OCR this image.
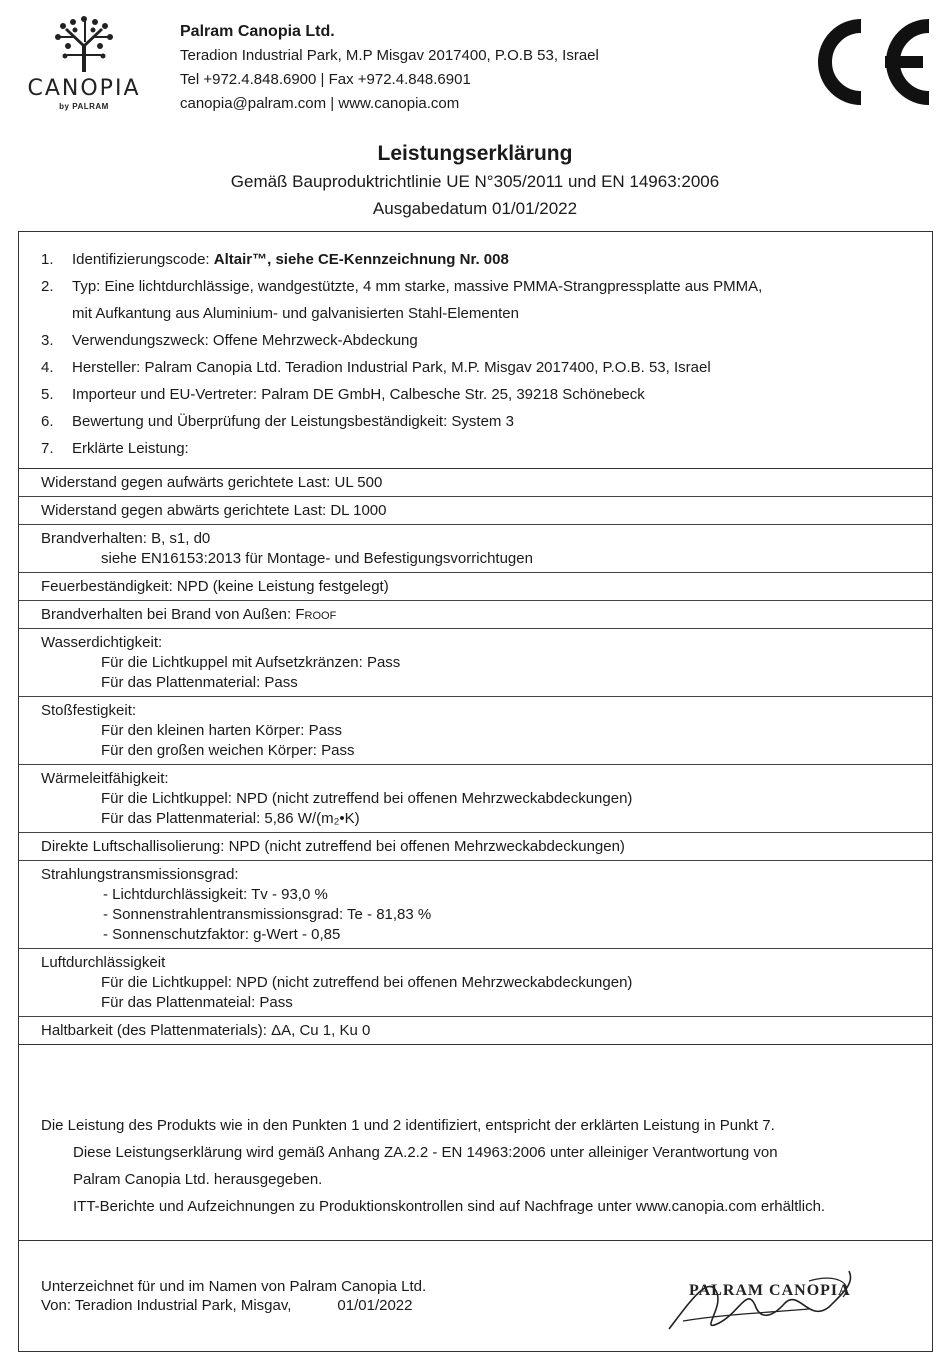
CANOPIA
by PALRAM
Palram Canopia Ltd.
Teradion Industrial Park, M.P Misgav 2017400, P.O.B 53, Israel
Tel +972.4.848.6900 | Fax +972.4.848.6901
canopia@palram.com | www.canopia.com
Leistungserklärung
Gemäß Bauproduktrichtlinie UE N°305/2011 und EN 14963:2006
Ausgabedatum 01/01/2022
1.	Identifizierungscode: Altair™, siehe CE-Kennzeichnung Nr. 008
2.	Typ: Eine lichtdurchlässige, wandgestützte, 4 mm starke, massive PMMA-Strangpressplatte aus PMMA,
mit Aufkantung aus Aluminium- und galvanisierten Stahl-Elementen
3.	Verwendungszweck: Offene Mehrzweck-Abdeckung
4.	Hersteller: Palram Canopia Ltd. Teradion Industrial Park, M.P. Misgav 2017400, P.O.B. 53, Israel
5.	Importeur und EU-Vertreter: Palram DE GmbH, Calbesche Str. 25, 39218 Schönebeck
6.	Bewertung und Überprüfung der Leistungsbeständigkeit: System 3
7.	Erklärte Leistung:
Widerstand gegen aufwärts gerichtete Last: UL 500
Widerstand gegen abwärts gerichtete Last: DL 1000
Brandverhalten: B, s1, d0
siehe EN16153:2013 für Montage- und Befestigungsvorrichtugen
Feuerbeständigkeit: NPD (keine Leistung festgelegt)
Brandverhalten bei Brand von Außen: Froof
Wasserdichtigkeit:
Für die Lichtkuppel mit Aufsetzkränzen: Pass
Für das Plattenmaterial: Pass
Stoßfestigkeit:
Für den kleinen harten Körper: Pass
Für den großen weichen Körper: Pass
Wärmeleitfähigkeit:
Für die Lichtkuppel: NPD (nicht zutreffend bei offenen Mehrzweckabdeckungen)
Für das Plattenmaterial: 5,86 W/(m₂•K)
Direkte Luftschallisolierung: NPD (nicht zutreffend bei offenen Mehrzweckabdeckungen)
Strahlungstransmissionsgrad:
- Lichtdurchlässigkeit: Tv - 93,0 %
- Sonnenstrahlentransmissionsgrad: Te - 81,83 %
- Sonnenschutzfaktor: g-Wert - 0,85
Luftdurchlässigkeit
Für die Lichtkuppel: NPD (nicht zutreffend bei offenen Mehrzweckabdeckungen)
Für das Plattenmateial: Pass
Haltbarkeit (des Plattenmaterials): ΔA, Cu 1, Ku 0
Die Leistung des Produkts wie in den Punkten 1 und 2 identifiziert, entspricht der erklärten Leistung in Punkt 7.
Diese Leistungserklärung wird gemäß Anhang ZA.2.2 - EN 14963:2006 unter alleiniger Verantwortung von
Palram Canopia Ltd. herausgegeben.
ITT-Berichte und Aufzeichnungen zu Produktionskontrollen sind auf Nachfrage unter www.canopia.com erhältlich.
Unterzeichnet für und im Namen von Palram Canopia Ltd.
Von: Teradion Industrial Park, Misgav,	01/01/2022
PALRAM CANOPIA
